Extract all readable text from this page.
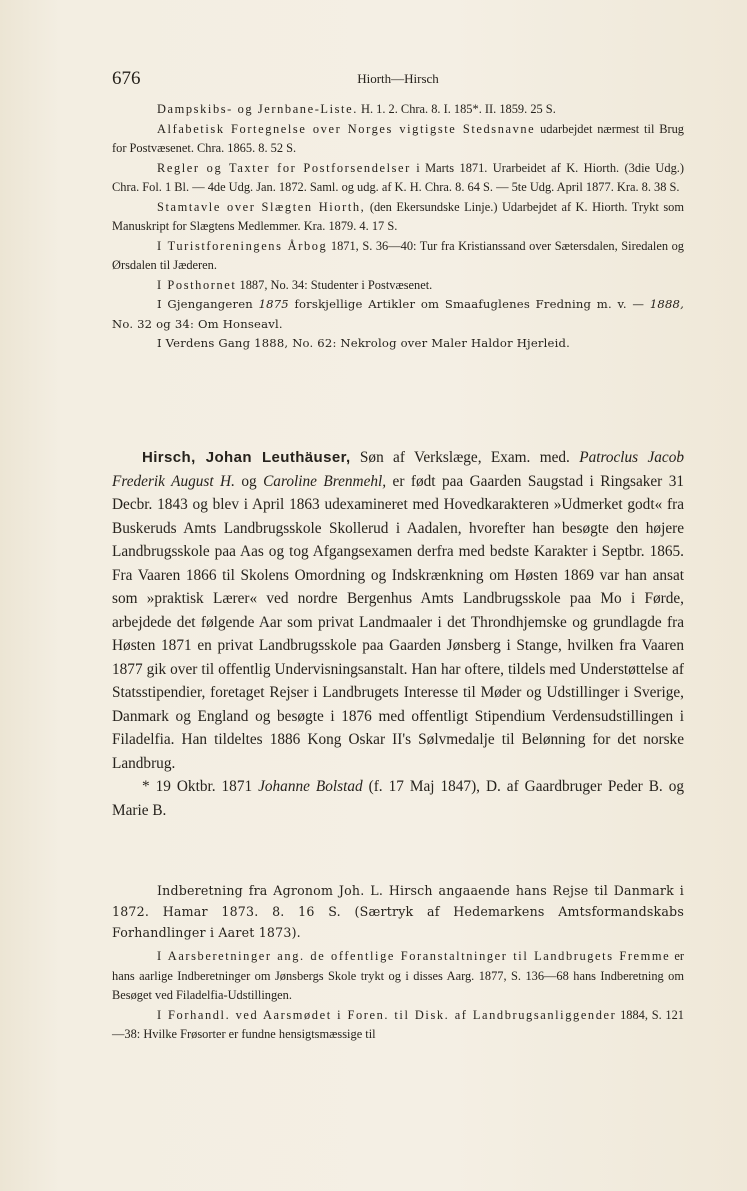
676	Hiorth—Hirsch

Dampskibs- og Jernbane-Liste. H. 1. 2. Chra. 8. I. 185*. II. 1859. 25 S.

Alfabetisk Fortegnelse over Norges vigtigste Stedsnavne udarbejdet nærmest til Brug for Postvæsenet. Chra. 1865. 8. 52 S.

Regler og Taxter for Postforsendelser i Marts 1871. Urarbeidet af K. Hiorth. (3die Udg.) Chra. Fol. 1 Bl. — 4de Udg. Jan. 1872. Saml. og udg. af K. H. Chra. 8. 64 S. — 5te Udg. April 1877. Kra. 8. 38 S.

Stamtavle over Slægten Hiorth, (den Ekersundske Linje.) Udarbejdet af K. Hiorth. Trykt som Manuskript for Slægtens Medlemmer. Kra. 1879. 4. 17 S.

I Turistforeningens Årbog 1871, S. 36—40: Tur fra Kristianssand over Sætersdalen, Siredalen og Ørsdalen til Jæderen.

I Posthornet 1887, No. 34: Studenter i Postvæsenet.

I Gjengangeren 1875 forskjellige Artikler om Smaafuglenes Fredning m. v. — 1888, No. 32 og 34: Om Honseavl.

I Verdens Gang 1888, No. 62: Nekrolog over Maler Haldor Hjerleid.

Hirsch, Johan Leuthäuser, Søn af Verkslæge, Exam. med. Patroclus Jacob Frederik August H. og Caroline Brenmehl, er født paa Gaarden Saugstad i Ringsaker 31 Decbr. 1843 og blev i April 1863 udexamineret med Hovedkarakteren »Udmerket godt« fra Buskeruds Amts Landbrugsskole Skollerud i Aadalen, hvorefter han besøgte den højere Landbrugsskole paa Aas og tog Afgangsexamen derfra med bedste Karakter i Septbr. 1865. Fra Vaaren 1866 til Skolens Omordning og Indskrænkning om Høsten 1869 var han ansat som »praktisk Lærer« ved nordre Bergenhus Amts Landbrugsskole paa Mo i Førde, arbejdede det følgende Aar som privat Landmaaler i det Throndhjemske og grundlagde fra Høsten 1871 en privat Landbrugsskole paa Gaarden Jønsberg i Stange, hvilken fra Vaaren 1877 gik over til offentlig Undervisningsanstalt. Han har oftere, tildels med Understøttelse af Statsstipendier, foretaget Rejser i Landbrugets Interesse til Møder og Udstillinger i Sverige, Danmark og England og besøgte i 1876 med offentligt Stipendium Verdensudstillingen i Filadelfia. Han tildeltes 1886 Kong Oskar II's Sølvmedalje til Belønning for det norske Landbrug.

* 19 Oktbr. 1871 Johanne Bolstad (f. 17 Maj 1847), D. af Gaardbruger Peder B. og Marie B.

Indberetning fra Agronom Joh. L. Hirsch angaaende hans Rejse til Danmark i 1872. Hamar 1873. 8. 16 S. (Særtryk af Hedemarkens Amtsformandskabs Forhandlinger i Aaret 1873).

I Aarsberetninger ang. de offentlige Foranstaltninger til Landbrugets Fremme er hans aarlige Indberetninger om Jønsbergs Skole trykt og i disses Aarg. 1877, S. 136—68 hans Indberetning om Besøget ved Filadelfia-Udstillingen.

I Forhandl. ved Aarsmødet i Foren. til Disk. af Landbrugsanliggender 1884, S. 121—38: Hvilke Frøsorter er fundne hensigtsmæssige til
